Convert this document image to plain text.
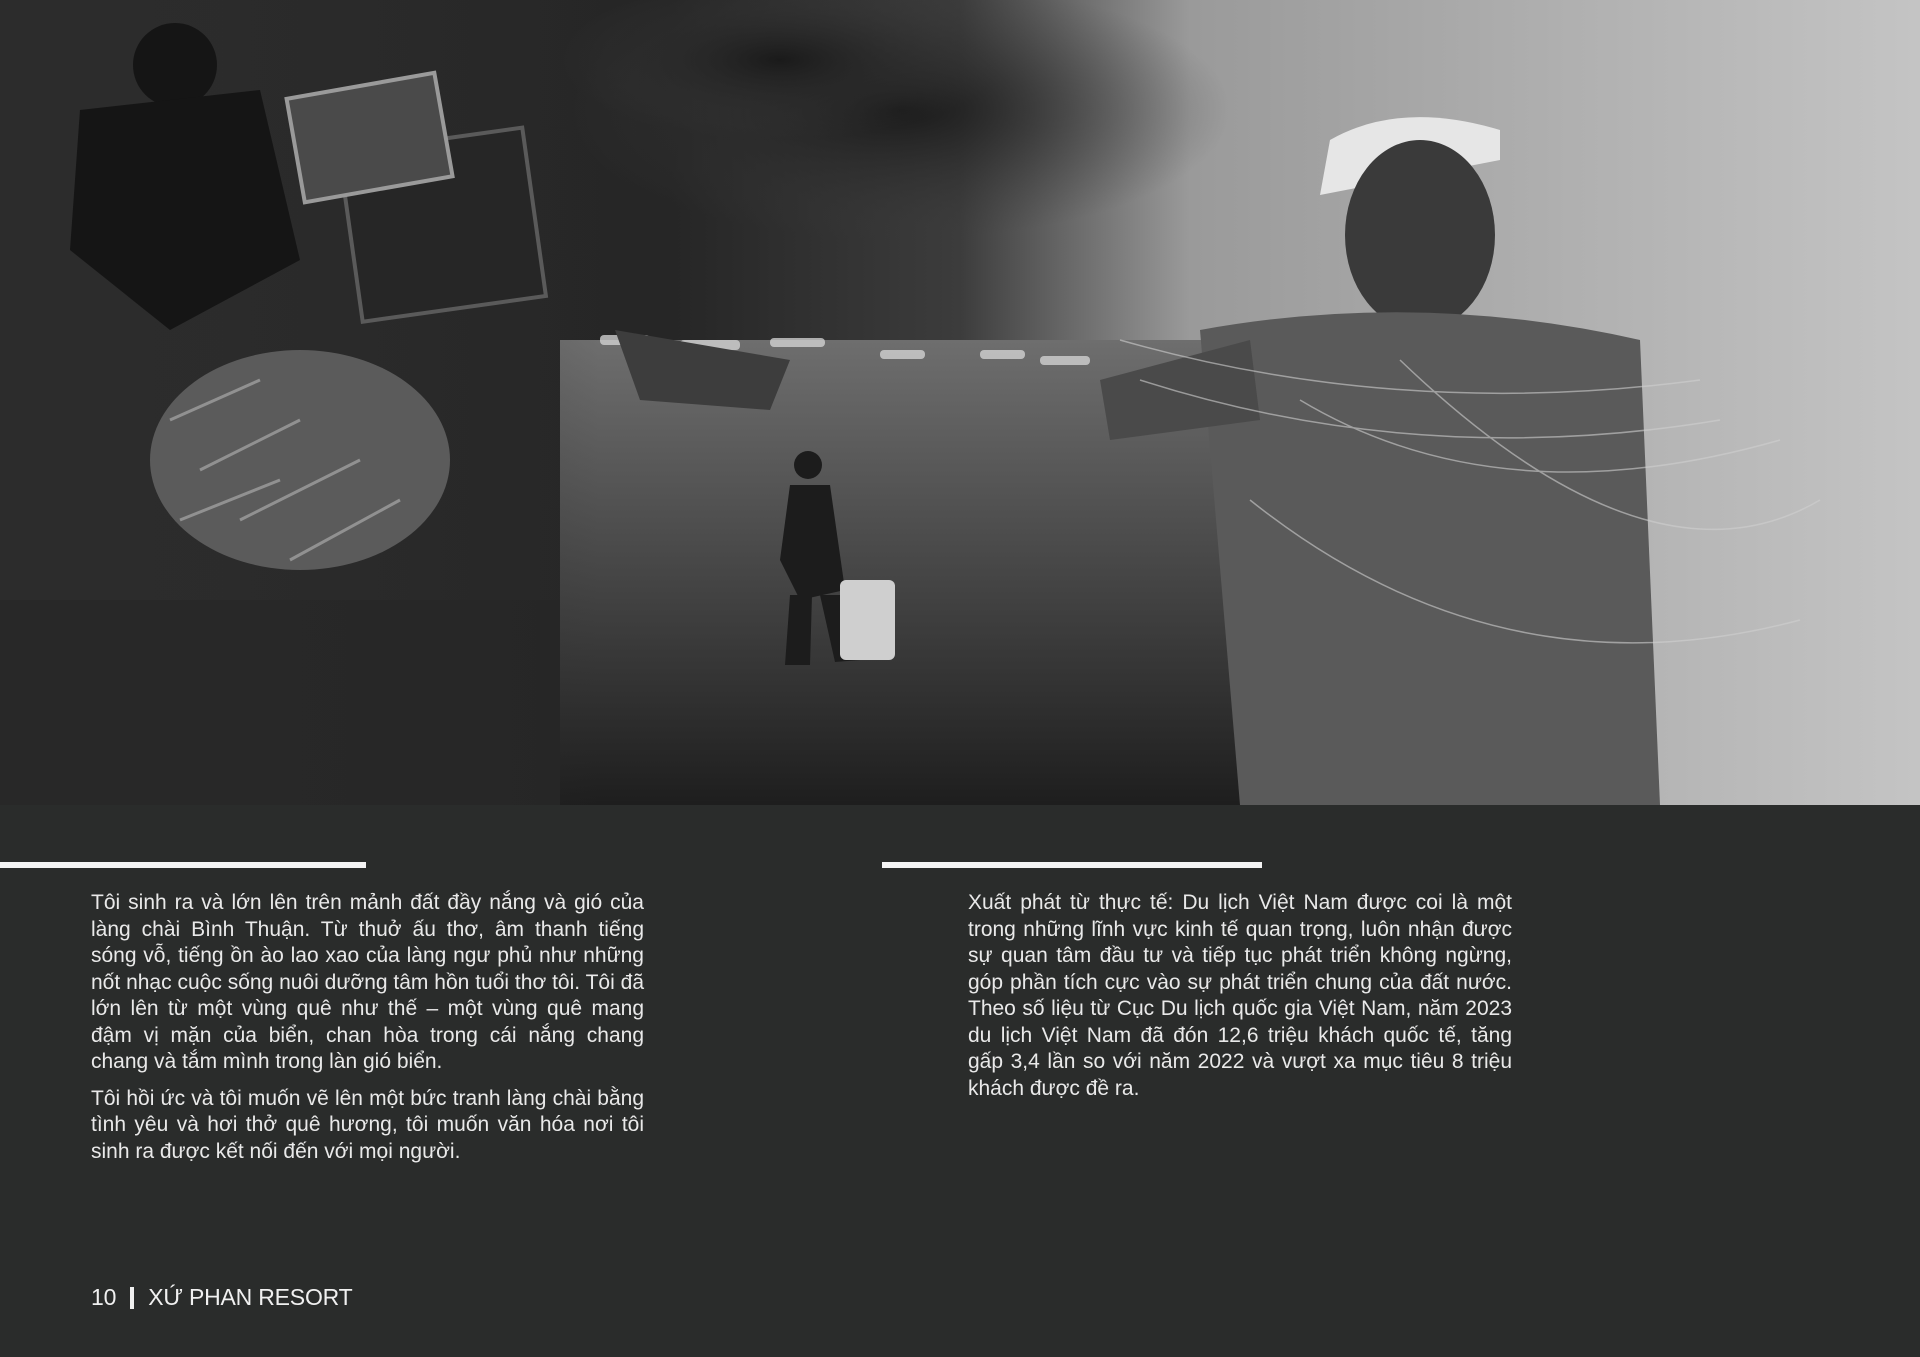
Tôi sinh ra và lớn lên trên mảnh đất đầy nắng và gió của làng chài Bình Thuận. Từ thuở ấu thơ, âm thanh tiếng sóng vỗ, tiếng ồn ào lao xao của làng ngư phủ như những nốt nhạc cuộc sống nuôi dưỡng tâm hồn tuổi thơ tôi. Tôi đã lớn lên từ một vùng quê như thế – một vùng quê mang đậm vị mặn của biển, chan hòa trong cái nắng chang chang và tắm mình trong làn gió biển.

Tôi hồi ức và tôi muốn vẽ lên một bức tranh làng chài bằng tình yêu và hơi thở quê hương, tôi muốn văn hóa nơi tôi sinh ra được kết nối đến với mọi người.

Xuất phát từ thực tế: Du lịch Việt Nam được coi là một trong những lĩnh vực kinh tế quan trọng, luôn nhận được sự quan tâm đầu tư và tiếp tục phát triển không ngừng, góp phần tích cực vào sự phát triển chung của đất nước. Theo số liệu từ Cục Du lịch quốc gia Việt Nam, năm 2023 du lịch Việt Nam đã đón 12,6 triệu khách quốc tế, tăng gấp 3,4 lần so với năm 2022 và vượt xa mục tiêu 8 triệu khách được đề ra.

10 XỨ PHAN RESORT
